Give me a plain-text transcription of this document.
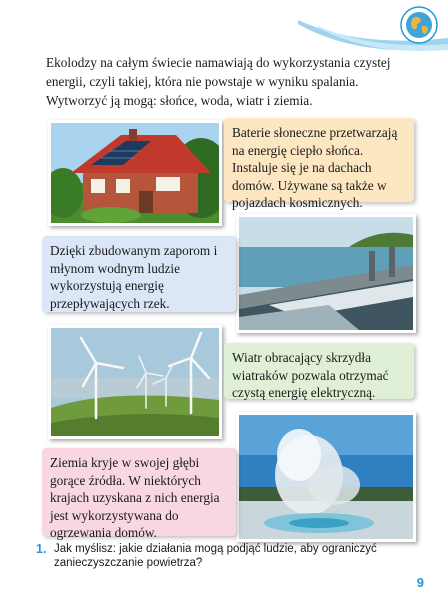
Ekolodzy na całym świecie namawiają do wykorzystania czystej energii, czyli takiej, która nie powstaje w wyniku spalania. Wytworzyć ją mogą: słońce, woda, wiatr i ziemia.

Baterie słoneczne przetwarzają na energię ciepło słońca. Instaluje się je na dachach domów. Używane są także w pojazdach kosmicznych.
Dzięki zbudowanym zaporom i młynom wodnym ludzie wykorzystują energię przepływających rzek.
Wiatr obracający skrzydła wiatraków pozwala otrzymać czystą energię elektryczną.
Ziemia kryje w swojej głębi gorące źródła. W niektórych krajach uzyskana z nich energia jest wykorzystywana do ogrzewania domów.
1. Jak myślisz: jakie działania mogą podjąć ludzie, aby ograniczyć zanieczyszczanie powietrza?
9
